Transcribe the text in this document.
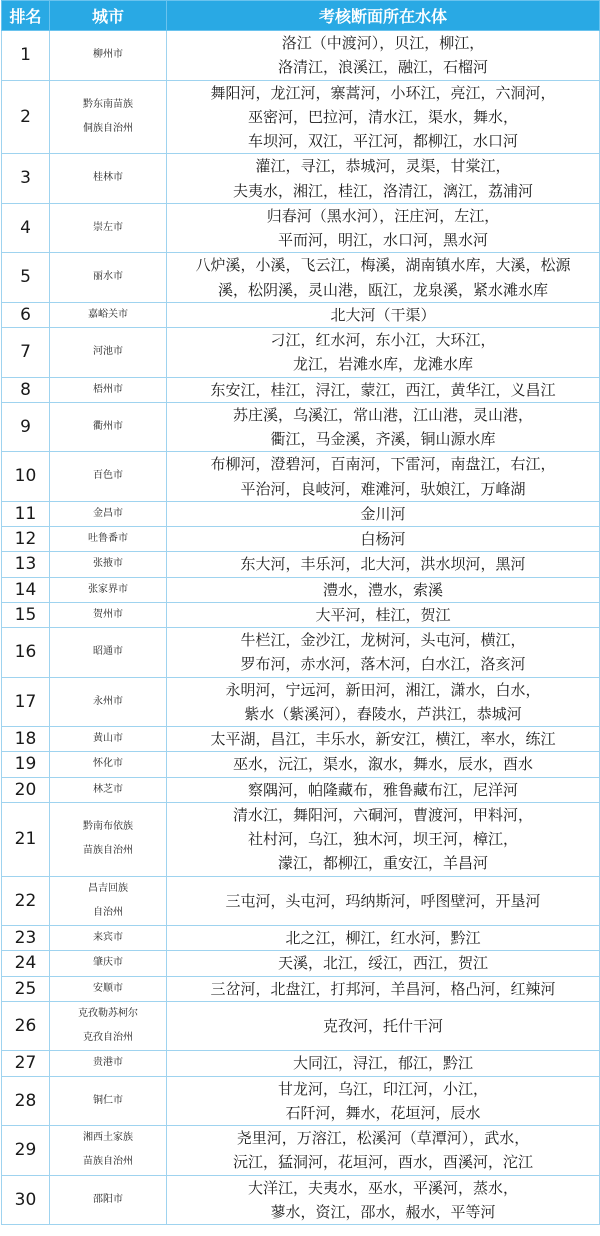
排名	城市	考核断面所在水体
1	柳州市	洛江（中渡河），贝江，柳江，
洛清江，浪溪江，融江，石榴河

2	黔东南苗族
侗族自治州	舞阳河，龙江河，寨蒿河，小环江，亮江，六洞河，
巫密河，巴拉河，清水江，渠水，舞水，
车坝河，双江，平江河，都柳江，水口河

3	桂林市	灌江，寻江，恭城河，灵渠，甘棠江，
夫夷水，湘江，桂江，洛清江，漓江，荔浦河

4	崇左市	归春河（黑水河），汪庄河，左江，
平而河，明江，水口河，黑水河

5	丽水市	八炉溪，小溪，飞云江，梅溪，湖南镇水库，大溪，松源
溪，松阴溪，灵山港，瓯江，龙泉溪，紧水滩水库

6	嘉峪关市	北大河（干渠）

7	河池市	刁江，红水河，东小江，大环江，
龙江，岩滩水库，龙滩水库

8	梧州市	东安江，桂江，浔江，蒙江，西江，黄华江，义昌江

9	衢州市	苏庄溪，乌溪江，常山港，江山港，灵山港，
衢江，马金溪，齐溪，铜山源水库

10	百色市	布柳河，澄碧河，百南河，下雷河，南盘江，右江，
平治河，良岐河，难滩河，驮娘江，万峰湖

11	金昌市	金川河

12	吐鲁番市	白杨河

13	张掖市	东大河，丰乐河，北大河，洪水坝河，黑河

14	张家界市	澧水，澧水，索溪

15	贺州市	大平河，桂江，贺江

16	昭通市	牛栏江，金沙江，龙树河，头屯河，横江，
罗布河，赤水河，落木河，白水江，洛亥河

17	永州市	永明河，宁远河，新田河，湘江，潇水，白水，
紫水（紫溪河），舂陵水，芦洪江，恭城河

18	黄山市	太平湖，昌江，丰乐水，新安江，横江，率水，练江

19	怀化市	巫水，沅江，渠水，溆水，舞水，辰水，酉水

20	林芝市	察隅河，帕隆藏布，雅鲁藏布江，尼洋河

21	黔南布依族
苗族自治州	清水江，舞阳河，六硐河，曹渡河，甲料河，
社村河，乌江，独木河，坝王河，樟江，
濛江，都柳江，重安江，羊昌河

22	昌吉回族
自治州	三屯河，头屯河，玛纳斯河，呼图壁河，开垦河

23	来宾市	北之江，柳江，红水河，黔江

24	肇庆市	天溪，北江，绥江，西江，贺江

25	安顺市	三岔河，北盘江，打邦河，羊昌河，格凸河，红辣河

26	克孜勒苏柯尔
克孜自治州	克孜河，托什干河

27	贵港市	大同江，浔江，郁江，黔江

28	铜仁市	甘龙河，乌江，印江河，小江，
石阡河，舞水，花垣河，辰水

29	湘西土家族
苗族自治州	尧里河，万溶江，松溪河（草潭河），武水，
沅江，猛洞河，花垣河，酉水，酉溪河，沱江

30	邵阳市	大洋江，夫夷水，巫水，平溪河，蒸水，
蓼水，资江，邵水，赧水，平等河
